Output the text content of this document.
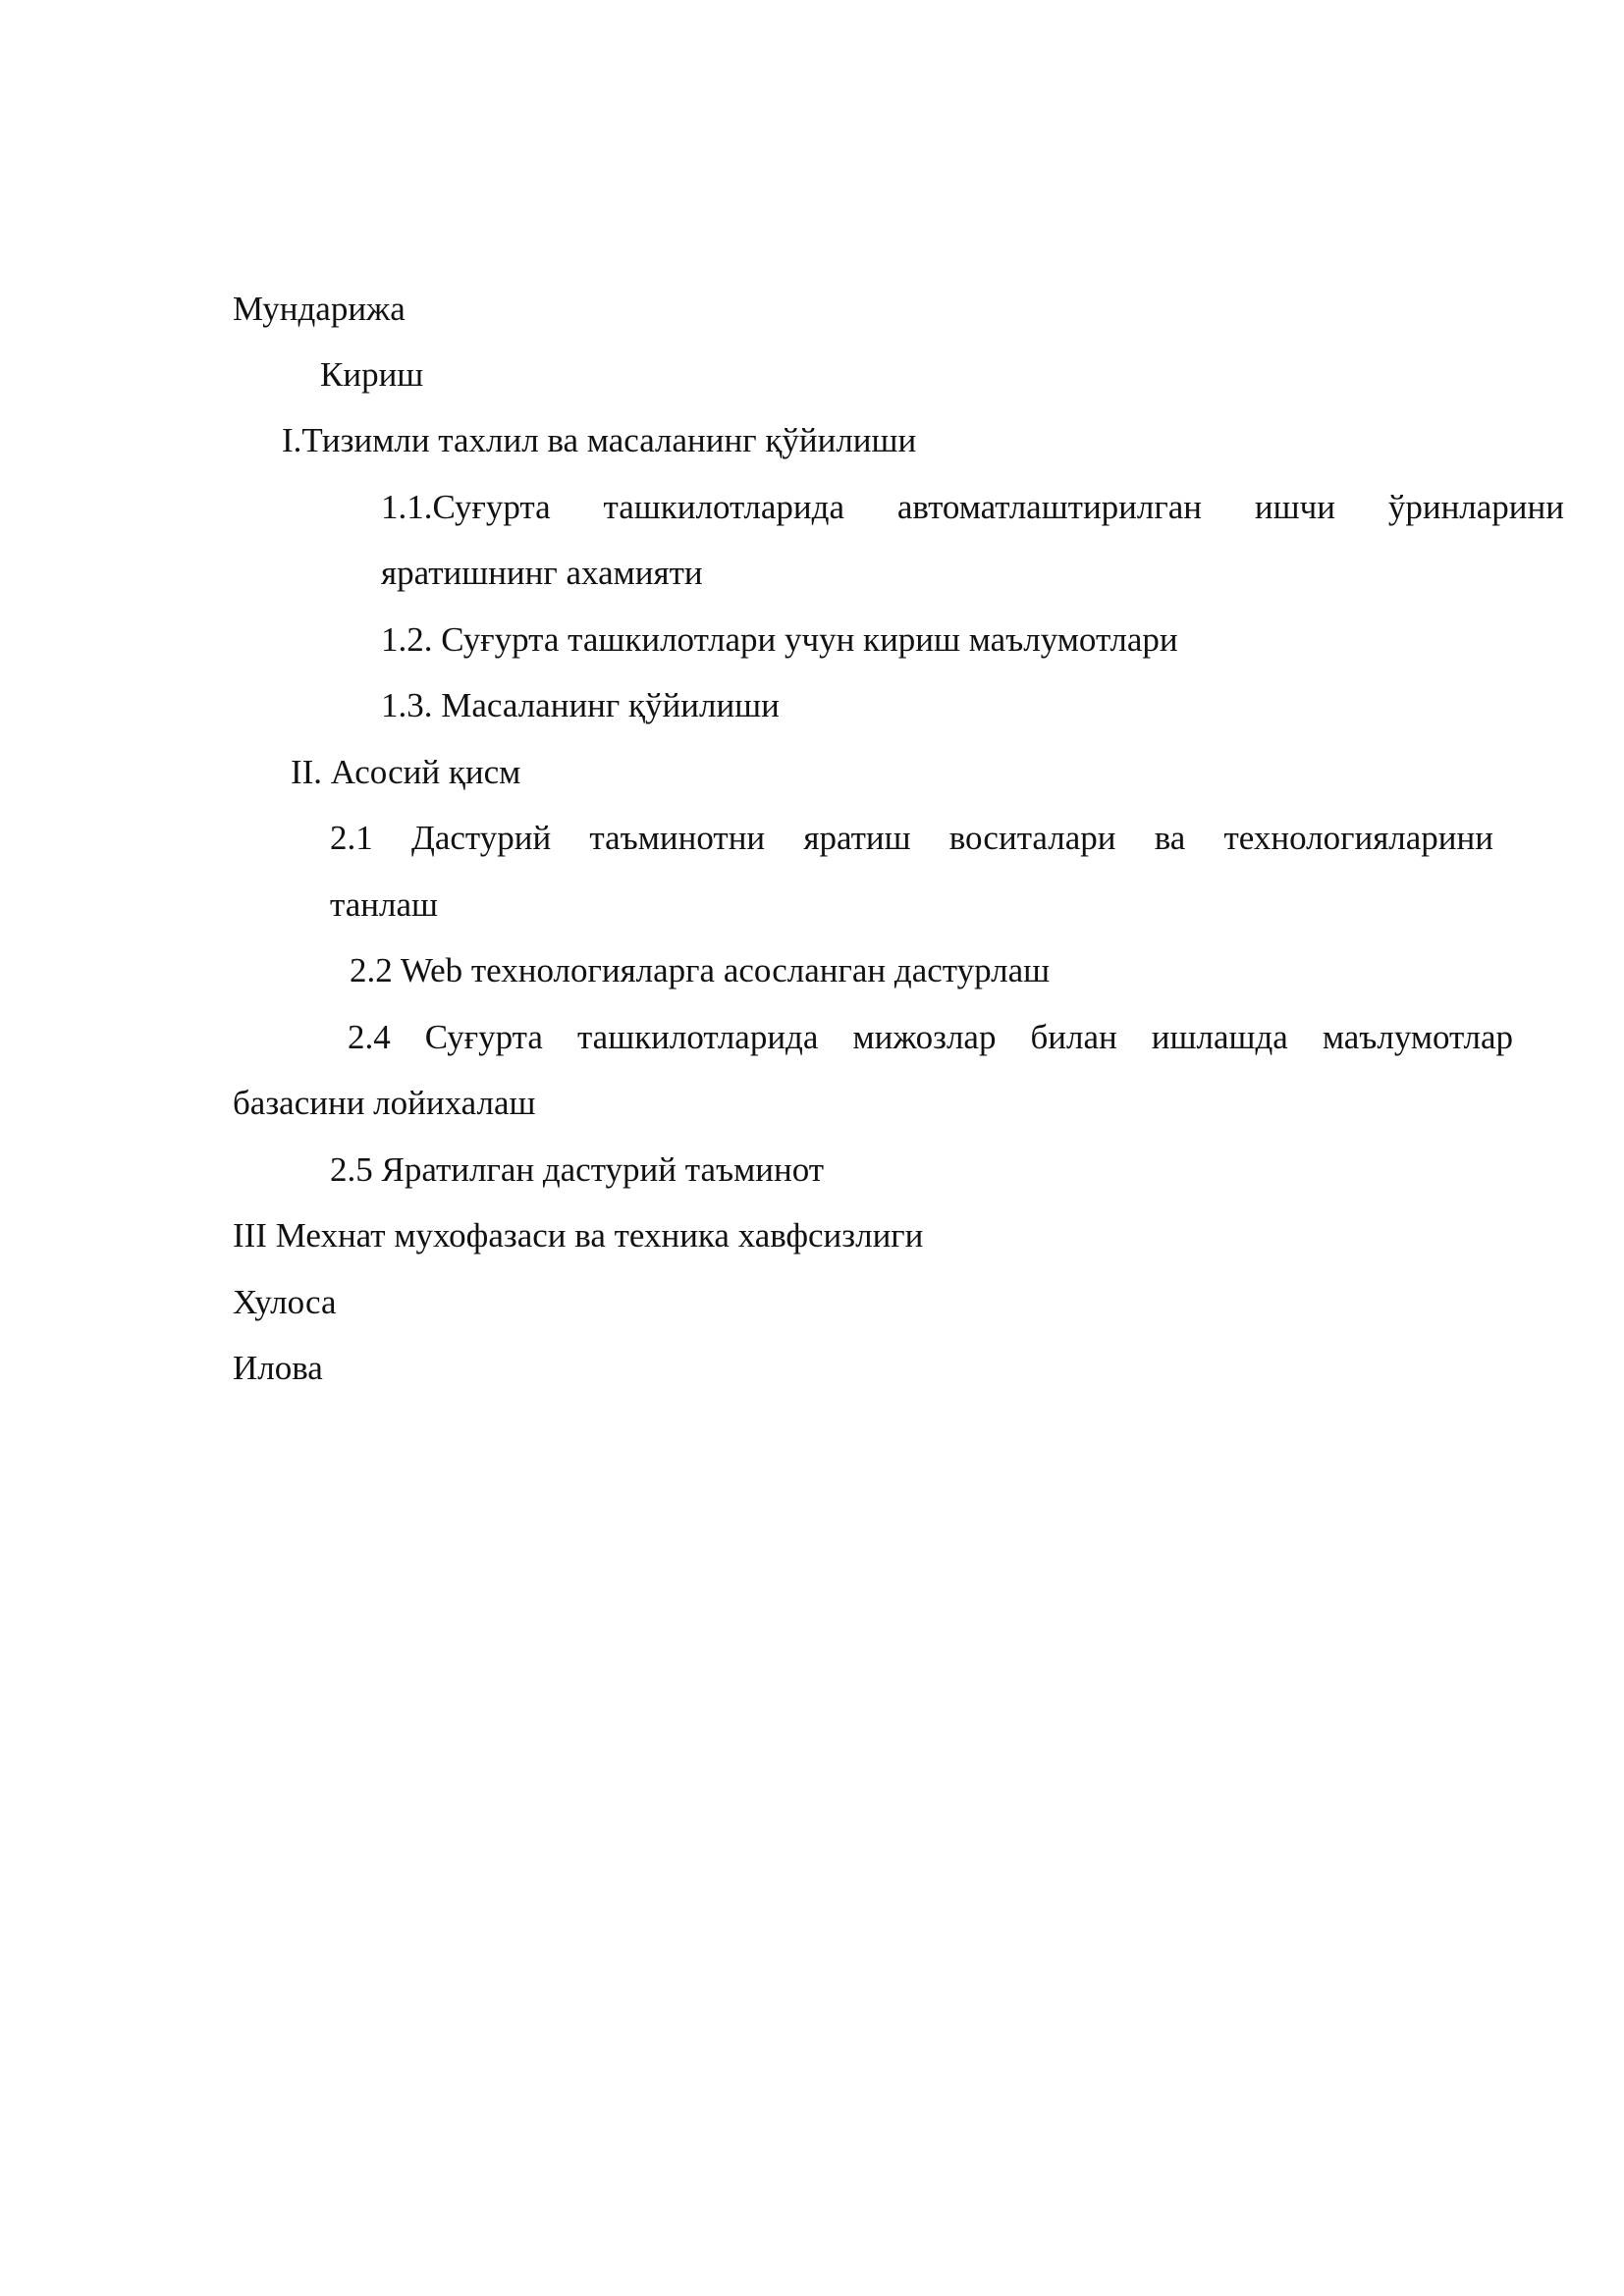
Мундарижа

Кириш

I.Тизимли тахлил ва масаланинг қўйилиши

1.1.Суғурта ташкилотларида автоматлаштирилган ишчи ўринларини

яратишнинг ахамияти

1.2. Суғурта ташкилотлари учун кириш маълумотлари

1.3. Масаланинг қўйилиши

II. Асосий қисм

2.1 Дастурий таъминотни яратиш воситалари ва технологияларини

танлаш

2.2 Web технологияларга асосланган дастурлаш

2.4 Суғурта ташкилотларида мижозлар билан ишлашда маълумотлар

базасини лойихалаш

2.5 Яратилган дастурий таъминот

III Мехнат мухофазаси ва техника хавфсизлиги

Хулоса

Илова
